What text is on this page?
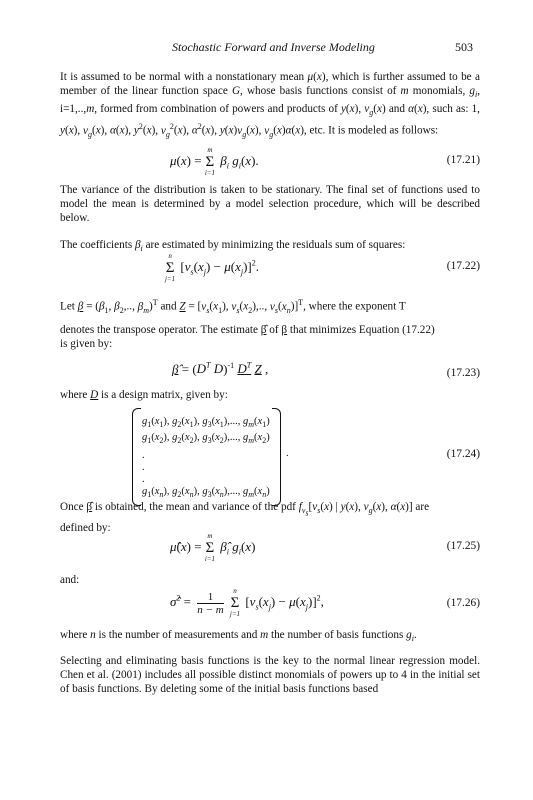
Stochastic Forward and Inverse Modeling	503
It is assumed to be normal with a nonstationary mean μ(x), which is further assumed to be a member of the linear function space G, whose basis functions consist of m monomials, $g_i$, i=1,..,m, formed from combination of powers and products of y(x), $v_g(x)$ and α(x), such as: 1, y(x), $v_g(x)$, α(x), $y^2(x)$, $v_g^2(x)$, $\alpha^2(x)$, $y(x)v_g(x)$, $v_g(x)\alpha(x)$, etc. It is modeled as follows:
μ(x) =
m
Σ
i=1
$\beta_i$ $g_i(x)$.	(17.21)
The variance of the distribution is taken to be stationary. The final set of functions used to model the mean is determined by a model selection procedure, which will be described below.
The coefficients $\beta_i$ are estimated by minimizing the residuals sum of squares:
n
Σ
j=1
$[v_s(x_j) - \mu(x_j)]^2$.	(17.22)
Let $\beta = (\beta_1$, $\beta_2$,.., $\beta_m)^T$ and $Z = [v_s(x_1)$, $v_s(x_2)$,.., $v_s(x_n)]^T$, where the exponent T
denotes the transpose operator. The estimate β̂ of β that minimizes Equation (17.22)
is given by:
β̂ = ($D^T$ D)$^{-1}$ $D^T$ Z ,	(17.23)
where D is a design matrix, given by:
$g_1(x_1)$, $g_2(x_1)$, $g_3(x_1)$,..., $g_m(x_1)$
$g_1(x_2)$, $g_2(x_2)$, $g_3(x_2)$,..., $g_m(x_2)$
.
.
.
$g_1(x_n)$, $g_2(x_n)$, $g_3(x_n)$,..., $g_m(x_n)$
.	(17.24)
Once β̂ is obtained, the mean and variance of the pdf $f_{v_s}[v_s(x)$ | y(x), $v_g(x)$, α(x)] are
defined by:
μ̂(x) =
m
Σ
i=1
$\betâ_i$ $g_i(x)$	(17.25)
and:
σ̂$^2$ = $\frac{1}{n - m}$
	n
Σ
j=1
$[v_s(x_j) - \mu(x_j)]^2$,	(17.26)
where n is the number of measurements and m the number of basis functions $g_i$.
Selecting and eliminating basis functions is the key to the normal linear regression model. Chen et al. (2001) includes all possible distinct monomials of powers up to 4 in the initial set of basis functions. By deleting some of the initial basis functions based
